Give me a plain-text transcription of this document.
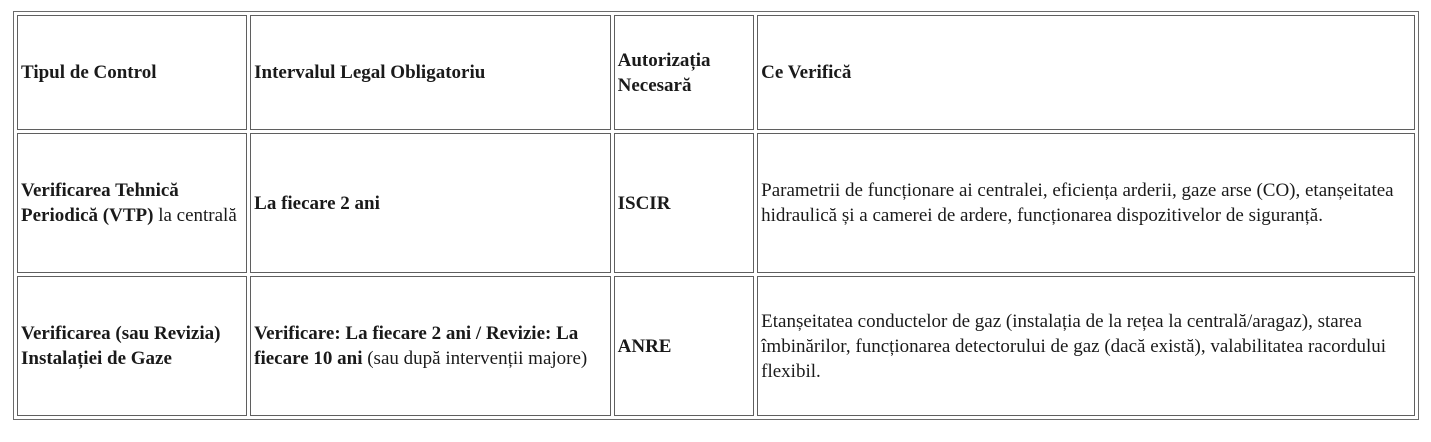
Tipul de Control	Intervalul Legal Obligatoriu	Autorizația Necesară	Ce Verifică
Verificarea Tehnică Periodică (VTP) la centrală	La fiecare 2 ani	ISCIR	Parametrii de funcționare ai centralei, eficiența arderii, gaze arse (CO), etanșeitatea hidraulică și a camerei de ardere, funcționarea dispozitivelor de siguranță.
Verificarea (sau Revizia) Instalației de Gaze	Verificare: La fiecare 2 ani / Revizie: La fiecare 10 ani (sau după intervenții majore)	ANRE	Etanșeitatea conductelor de gaz (instalația de la rețea la centrală/aragaz), starea îmbinărilor, funcționarea detectorului de gaz (dacă există), valabilitatea racordului flexibil.
